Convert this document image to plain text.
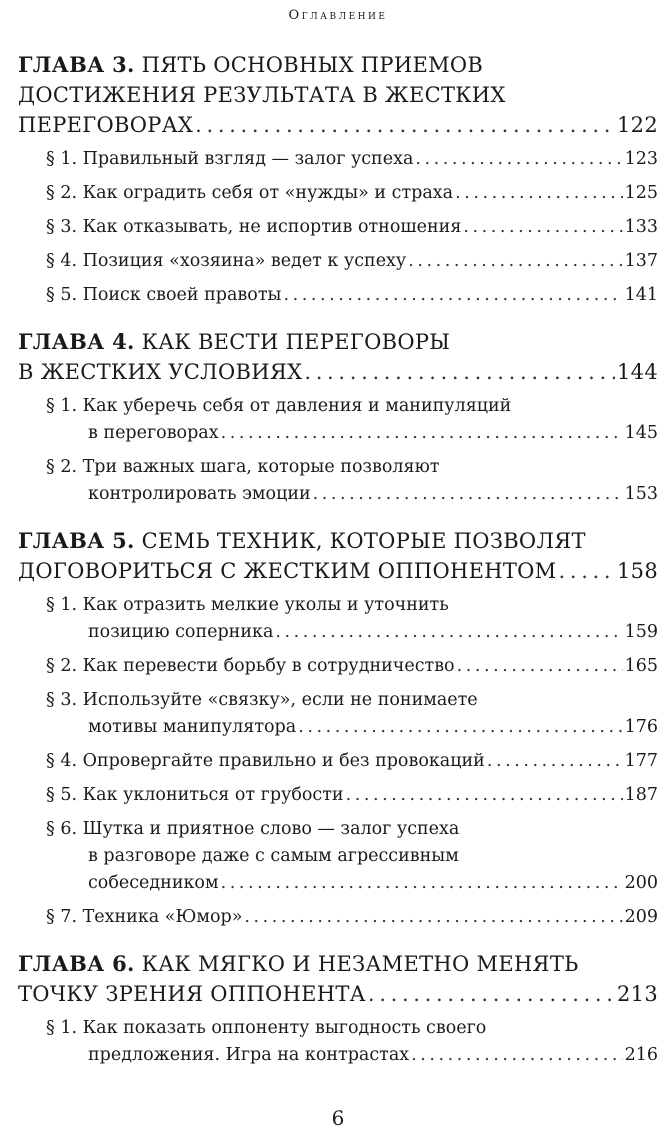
Оглавление
ГЛАВА 3.
ПЯТЬ ОСНОВНЫХ ПРИЕМОВ
ДОСТИЖЕНИЯ РЕЗУЛЬТАТА В ЖЕСТКИХ
ПЕРЕГОВОРАХ . . .	122
§ 1.
Правильный взгляд — залог успеха . . .	123
§ 2.
Как оградить себя от «нужды» и страха . . .	125
§ 3.
Как отказывать, не испортив отношения . . .	133
§ 4.
Позиция «хозяина» ведет к успеху . . .	137
§ 5.
Поиск своей правоты . . .	141
ГЛАВА 4.
КАК ВЕСТИ ПЕРЕГОВОРЫ
В ЖЕСТКИХ УСЛОВИЯХ . . .	144
§ 1.
Как уберечь себя от давления и манипуляций
в переговорах . . .	145
§ 2.
Три важных шага, которые позволяют
контролировать эмоции . . .	153
ГЛАВА 5.
СЕМЬ ТЕХНИК, КОТОРЫЕ ПОЗВОЛЯТ
ДОГОВОРИТЬСЯ С ЖЕСТКИМ ОППОНЕНТОМ . . .	158
§ 1.
Как отразить мелкие уколы и уточнить
позицию соперника . . .	159
§ 2.
Как перевести борьбу в сотрудничество . . .	165
§ 3.
Используйте «связку», если не понимаете
мотивы манипулятора . . .	176
§ 4.
Опровергайте правильно и без провокаций . . .	177
§ 5.
Как уклониться от грубости . . .	187
§ 6.
Шутка и приятное слово — залог успеха
в разговоре даже с самым агрессивным
собеседником . . .	200
§ 7.
Техника «Юмор» . . .	209
ГЛАВА 6.
КАК МЯГКО И НЕЗАМЕТНО МЕНЯТЬ
ТОЧКУ ЗРЕНИЯ ОППОНЕНТА . . .	213
§ 1.
Как показать оппоненту выгодность своего
предложения. Игра на контрастах . . .	216
6
